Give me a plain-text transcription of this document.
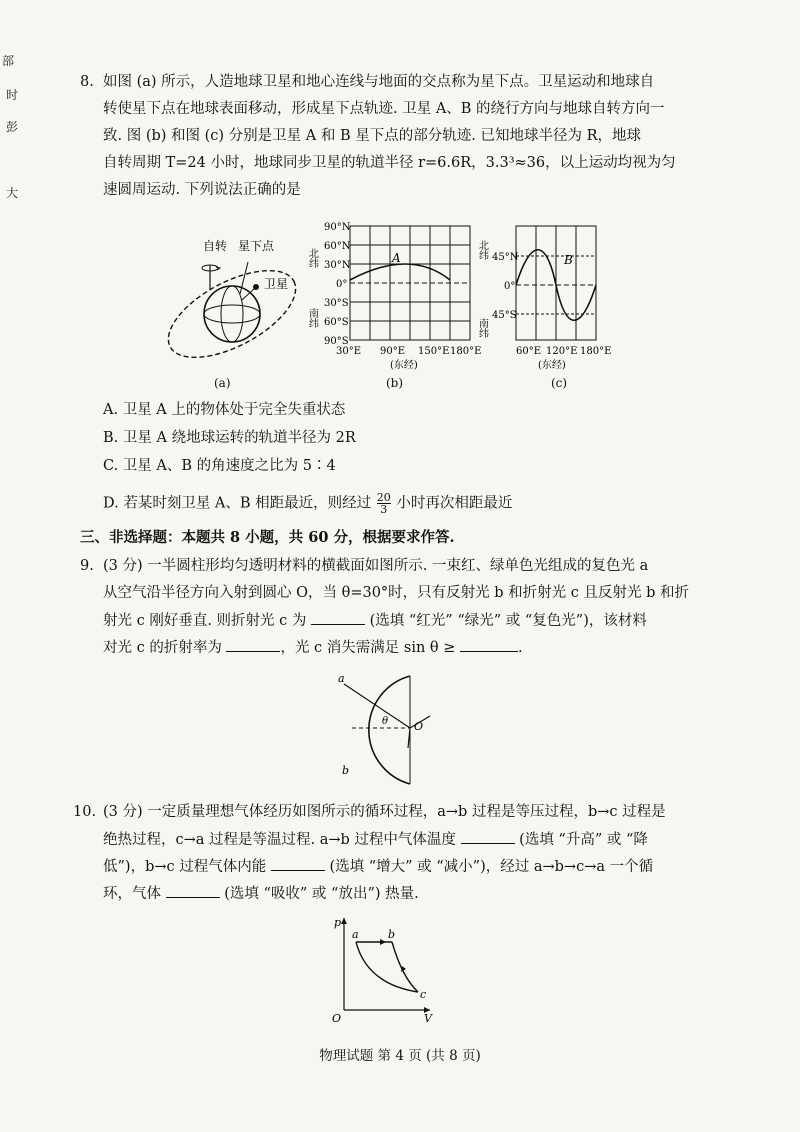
部
时
彭
大
8. 如图 (a) 所示，人造地球卫星和地心连线与地面的交点称为星下点。卫星运动和地球自
转使星下点在地球表面移动，形成星下点轨迹. 卫星 A、B 的绕行方向与地球自转方向一
致. 图 (b) 和图 (c) 分别是卫星 A 和 B 星下点的部分轨迹. 已知地球半径为 R，地球
自转周期 T=24 小时，地球同步卫星的轨道半径 r=6.6R，3.3³≈36，以上运动均视为匀
速圆周运动. 下列说法正确的是
自转 星下点
卫星
(a)
90°N
60°N
30°N
0°
30°S
60°S
90°S
北纬
南纬
A
30°E 90°E 150°E 180°E
(东经)
(b)
45°N
0°
45°S
北纬
南纬
B
60°E 120°E 180°E
(东经)
(c)
A. 卫星 A 上的物体处于完全失重状态
B. 卫星 A 绕地球运转的轨道半径为 2R
C. 卫星 A、B 的角速度之比为 5∶4
D. 若某时刻卫星 A、B 相距最近，则经过 $\frac{20}{3}$ 小时再次相距最近
三、非选择题：本题共 8 小题，共 60 分，根据要求作答.
9. (3 分) 一半圆柱形均匀透明材料的横截面如图所示. 一束红、绿单色光组成的复色光 a
从空气沿半径方向入射到圆心 O，当 θ=30°时，只有反射光 b 和折射光 c 且反射光 b 和折
射光 c 刚好垂直. 则折射光 c 为	(选填 “红光” “绿光” 或 “复色光”)，该材料
对光 c 的折射率为	，光 c 消失需满足 sin θ ≥	.
a
b
θ O
10. (3 分) 一定质量理想气体经历如图所示的循环过程，a→b 过程是等压过程，b→c 过程是
绝热过程，c→a 过程是等温过程. a→b 过程中气体温度	(选填 “升高” 或 “降
低”)，b→c 过程气体内能	(选填 “增大” 或 “减小”)，经过 a→b→c→a 一个循
环，气体	(选填 “吸收” 或 “放出”) 热量.
p
V
O
a	b
c
物理试题 第 4 页 (共 8 页)
